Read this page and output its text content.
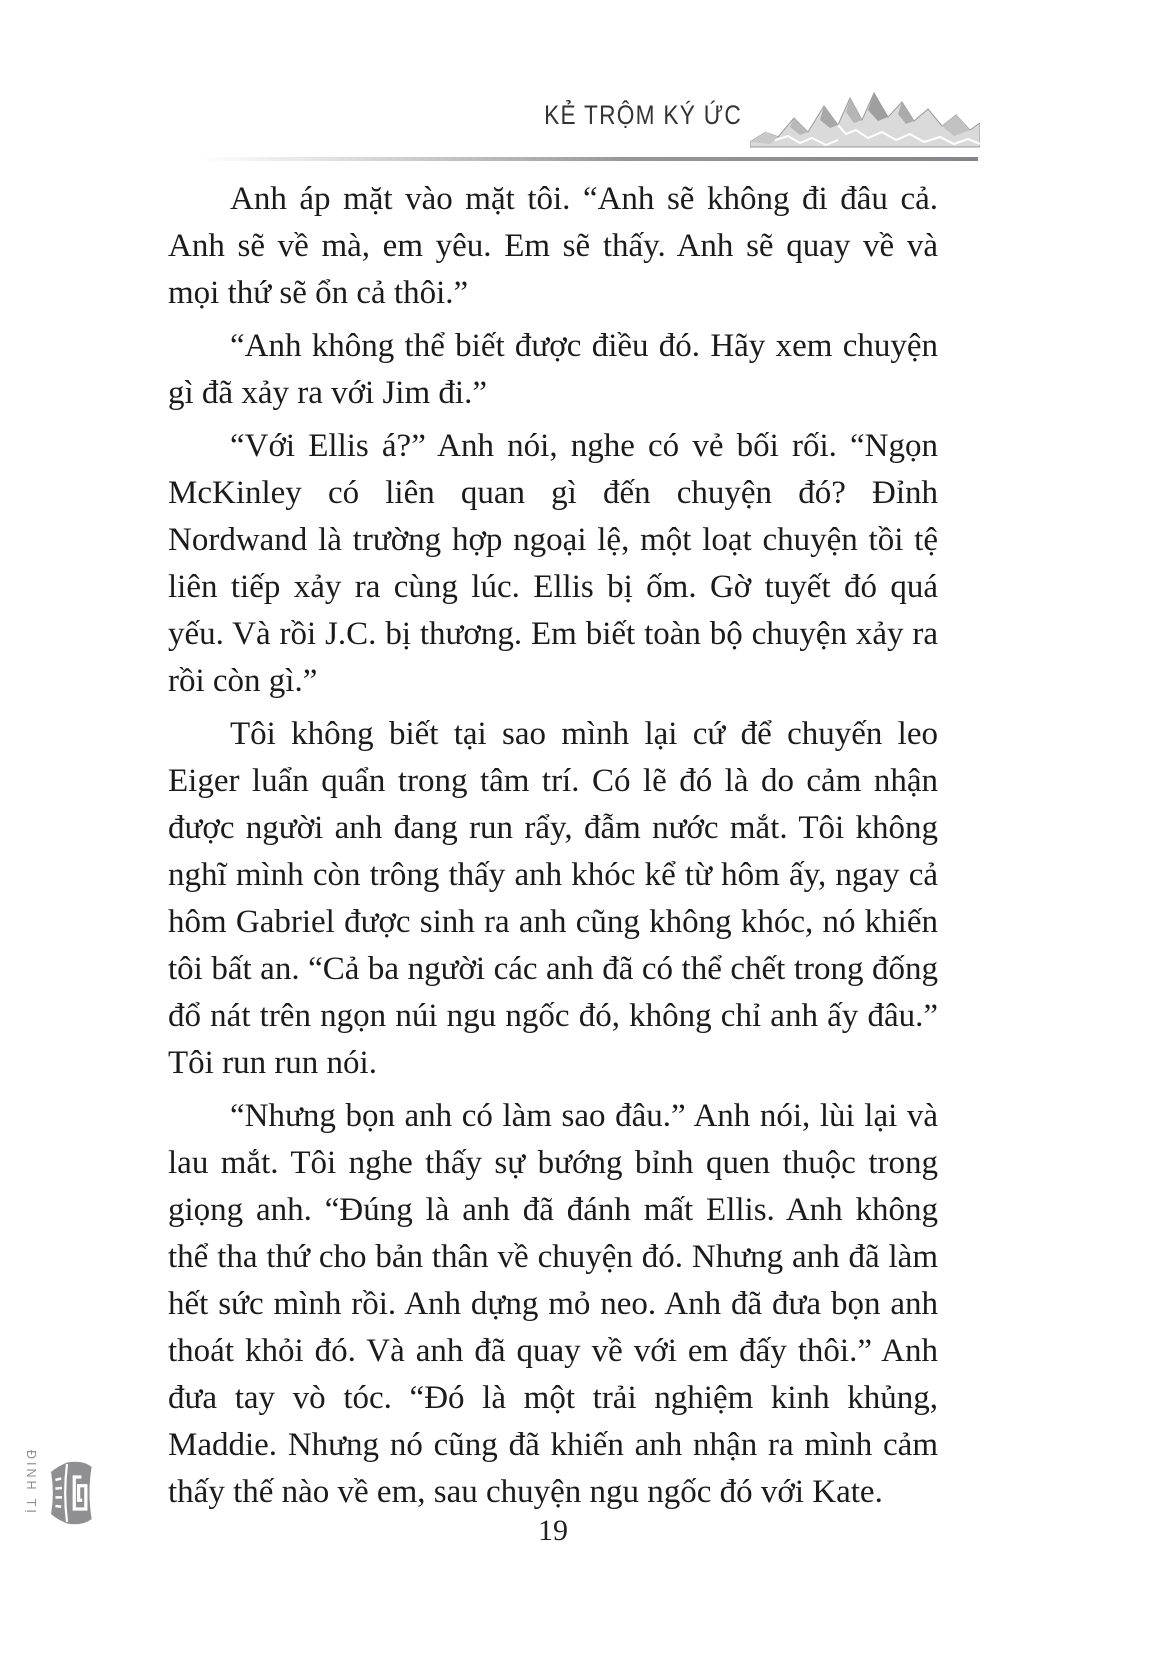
KẺ TRỘM KÝ ỨC

Anh áp mặt vào mặt tôi. “Anh sẽ không đi đâu cả. Anh sẽ về mà, em yêu. Em sẽ thấy. Anh sẽ quay về và mọi thứ sẽ ổn cả thôi.”

“Anh không thể biết được điều đó. Hãy xem chuyện gì đã xảy ra với Jim đi.”

“Với Ellis á?” Anh nói, nghe có vẻ bối rối. “Ngọn McKinley có liên quan gì đến chuyện đó? Đỉnh Nordwand là trường hợp ngoại lệ, một loạt chuyện tồi tệ liên tiếp xảy ra cùng lúc. Ellis bị ốm. Gờ tuyết đó quá yếu. Và rồi J.C. bị thương. Em biết toàn bộ chuyện xảy ra rồi còn gì.”

Tôi không biết tại sao mình lại cứ để chuyến leo Eiger luẩn quẩn trong tâm trí. Có lẽ đó là do cảm nhận được người anh đang run rẩy, đẫm nước mắt. Tôi không nghĩ mình còn trông thấy anh khóc kể từ hôm ấy, ngay cả hôm Gabriel được sinh ra anh cũng không khóc, nó khiến tôi bất an. “Cả ba người các anh đã có thể chết trong đống đổ nát trên ngọn núi ngu ngốc đó, không chỉ anh ấy đâu.” Tôi run run nói.

“Nhưng bọn anh có làm sao đâu.” Anh nói, lùi lại và lau mắt. Tôi nghe thấy sự bướng bỉnh quen thuộc trong giọng anh. “Đúng là anh đã đánh mất Ellis. Anh không thể tha thứ cho bản thân về chuyện đó. Nhưng anh đã làm hết sức mình rồi. Anh dựng mỏ neo. Anh đã đưa bọn anh thoát khỏi đó. Và anh đã quay về với em đấy thôi.” Anh đưa tay vò tóc. “Đó là một trải nghiệm kinh khủng, Maddie. Nhưng nó cũng đã khiến anh nhận ra mình cảm thấy thế nào về em, sau chuyện ngu ngốc đó với Kate.

19
ĐINH TỊ
